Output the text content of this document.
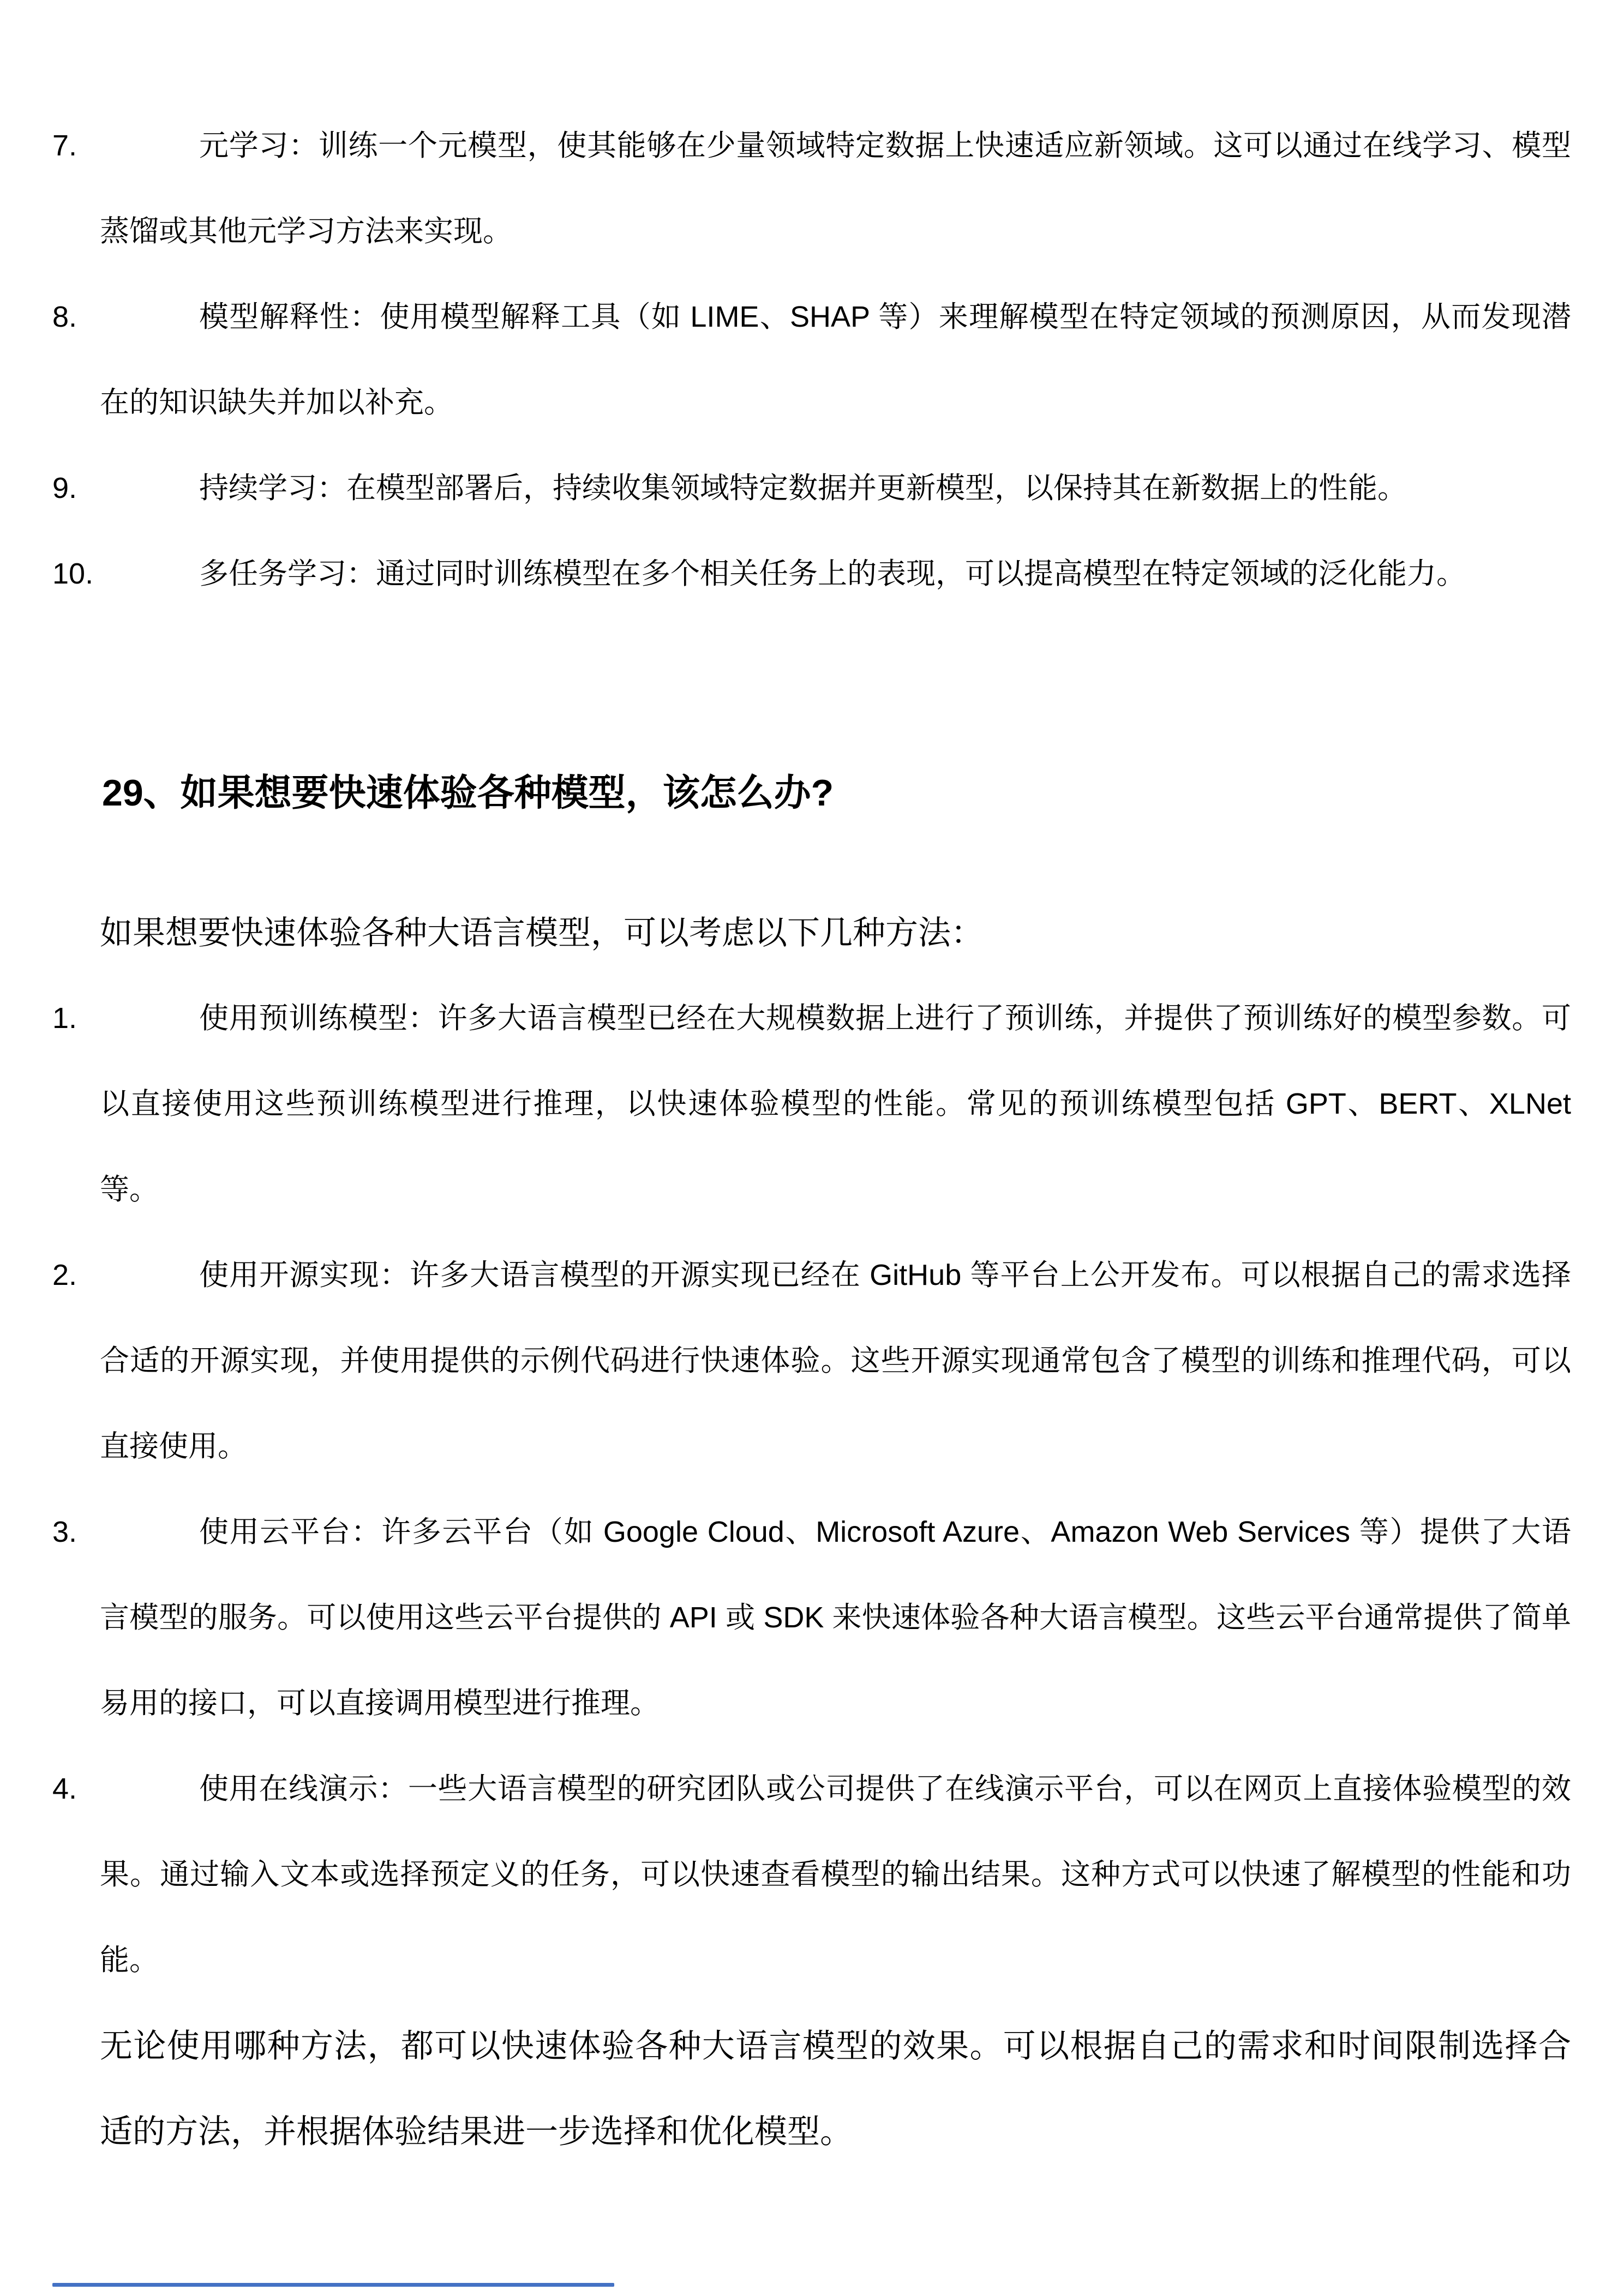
7.	元学习：训练一个元模型，使其能够在少量领域特定数据上快速适应新领域。这可以通过在线学习、模型蒸馏或其他元学习方法来实现。
8.	模型解释性：使用模型解释工具（如 LIME、SHAP 等）来理解模型在特定领域的预测原因，从而发现潜在的知识缺失并加以补充。
9.	持续学习：在模型部署后，持续收集领域特定数据并更新模型，以保持其在新数据上的性能。
10.	多任务学习：通过同时训练模型在多个相关任务上的表现，可以提高模型在特定领域的泛化能力。
29、如果想要快速体验各种模型，该怎么办?
如果想要快速体验各种大语言模型，可以考虑以下几种方法：
1.	使用预训练模型：许多大语言模型已经在大规模数据上进行了预训练，并提供了预训练好的模型参数。可以直接使用这些预训练模型进行推理，以快速体验模型的性能。常见的预训练模型包括 GPT、BERT、XLNet 等。
2.	使用开源实现：许多大语言模型的开源实现已经在 GitHub 等平台上公开发布。可以根据自己的需求选择合适的开源实现，并使用提供的示例代码进行快速体验。这些开源实现通常包含了模型的训练和推理代码，可以直接使用。
3.	使用云平台：许多云平台（如 Google Cloud、Microsoft Azure、Amazon Web Services 等）提供了大语言模型的服务。可以使用这些云平台提供的 API 或 SDK 来快速体验各种大语言模型。这些云平台通常提供了简单易用的接口，可以直接调用模型进行推理。
4.	使用在线演示：一些大语言模型的研究团队或公司提供了在线演示平台，可以在网页上直接体验模型的效果。通过输入文本或选择预定义的任务，可以快速查看模型的输出结果。这种方式可以快速了解模型的性能和功能。
无论使用哪种方法，都可以快速体验各种大语言模型的效果。可以根据自己的需求和时间限制选择合适的方法，并根据体验结果进一步选择和优化模型。
